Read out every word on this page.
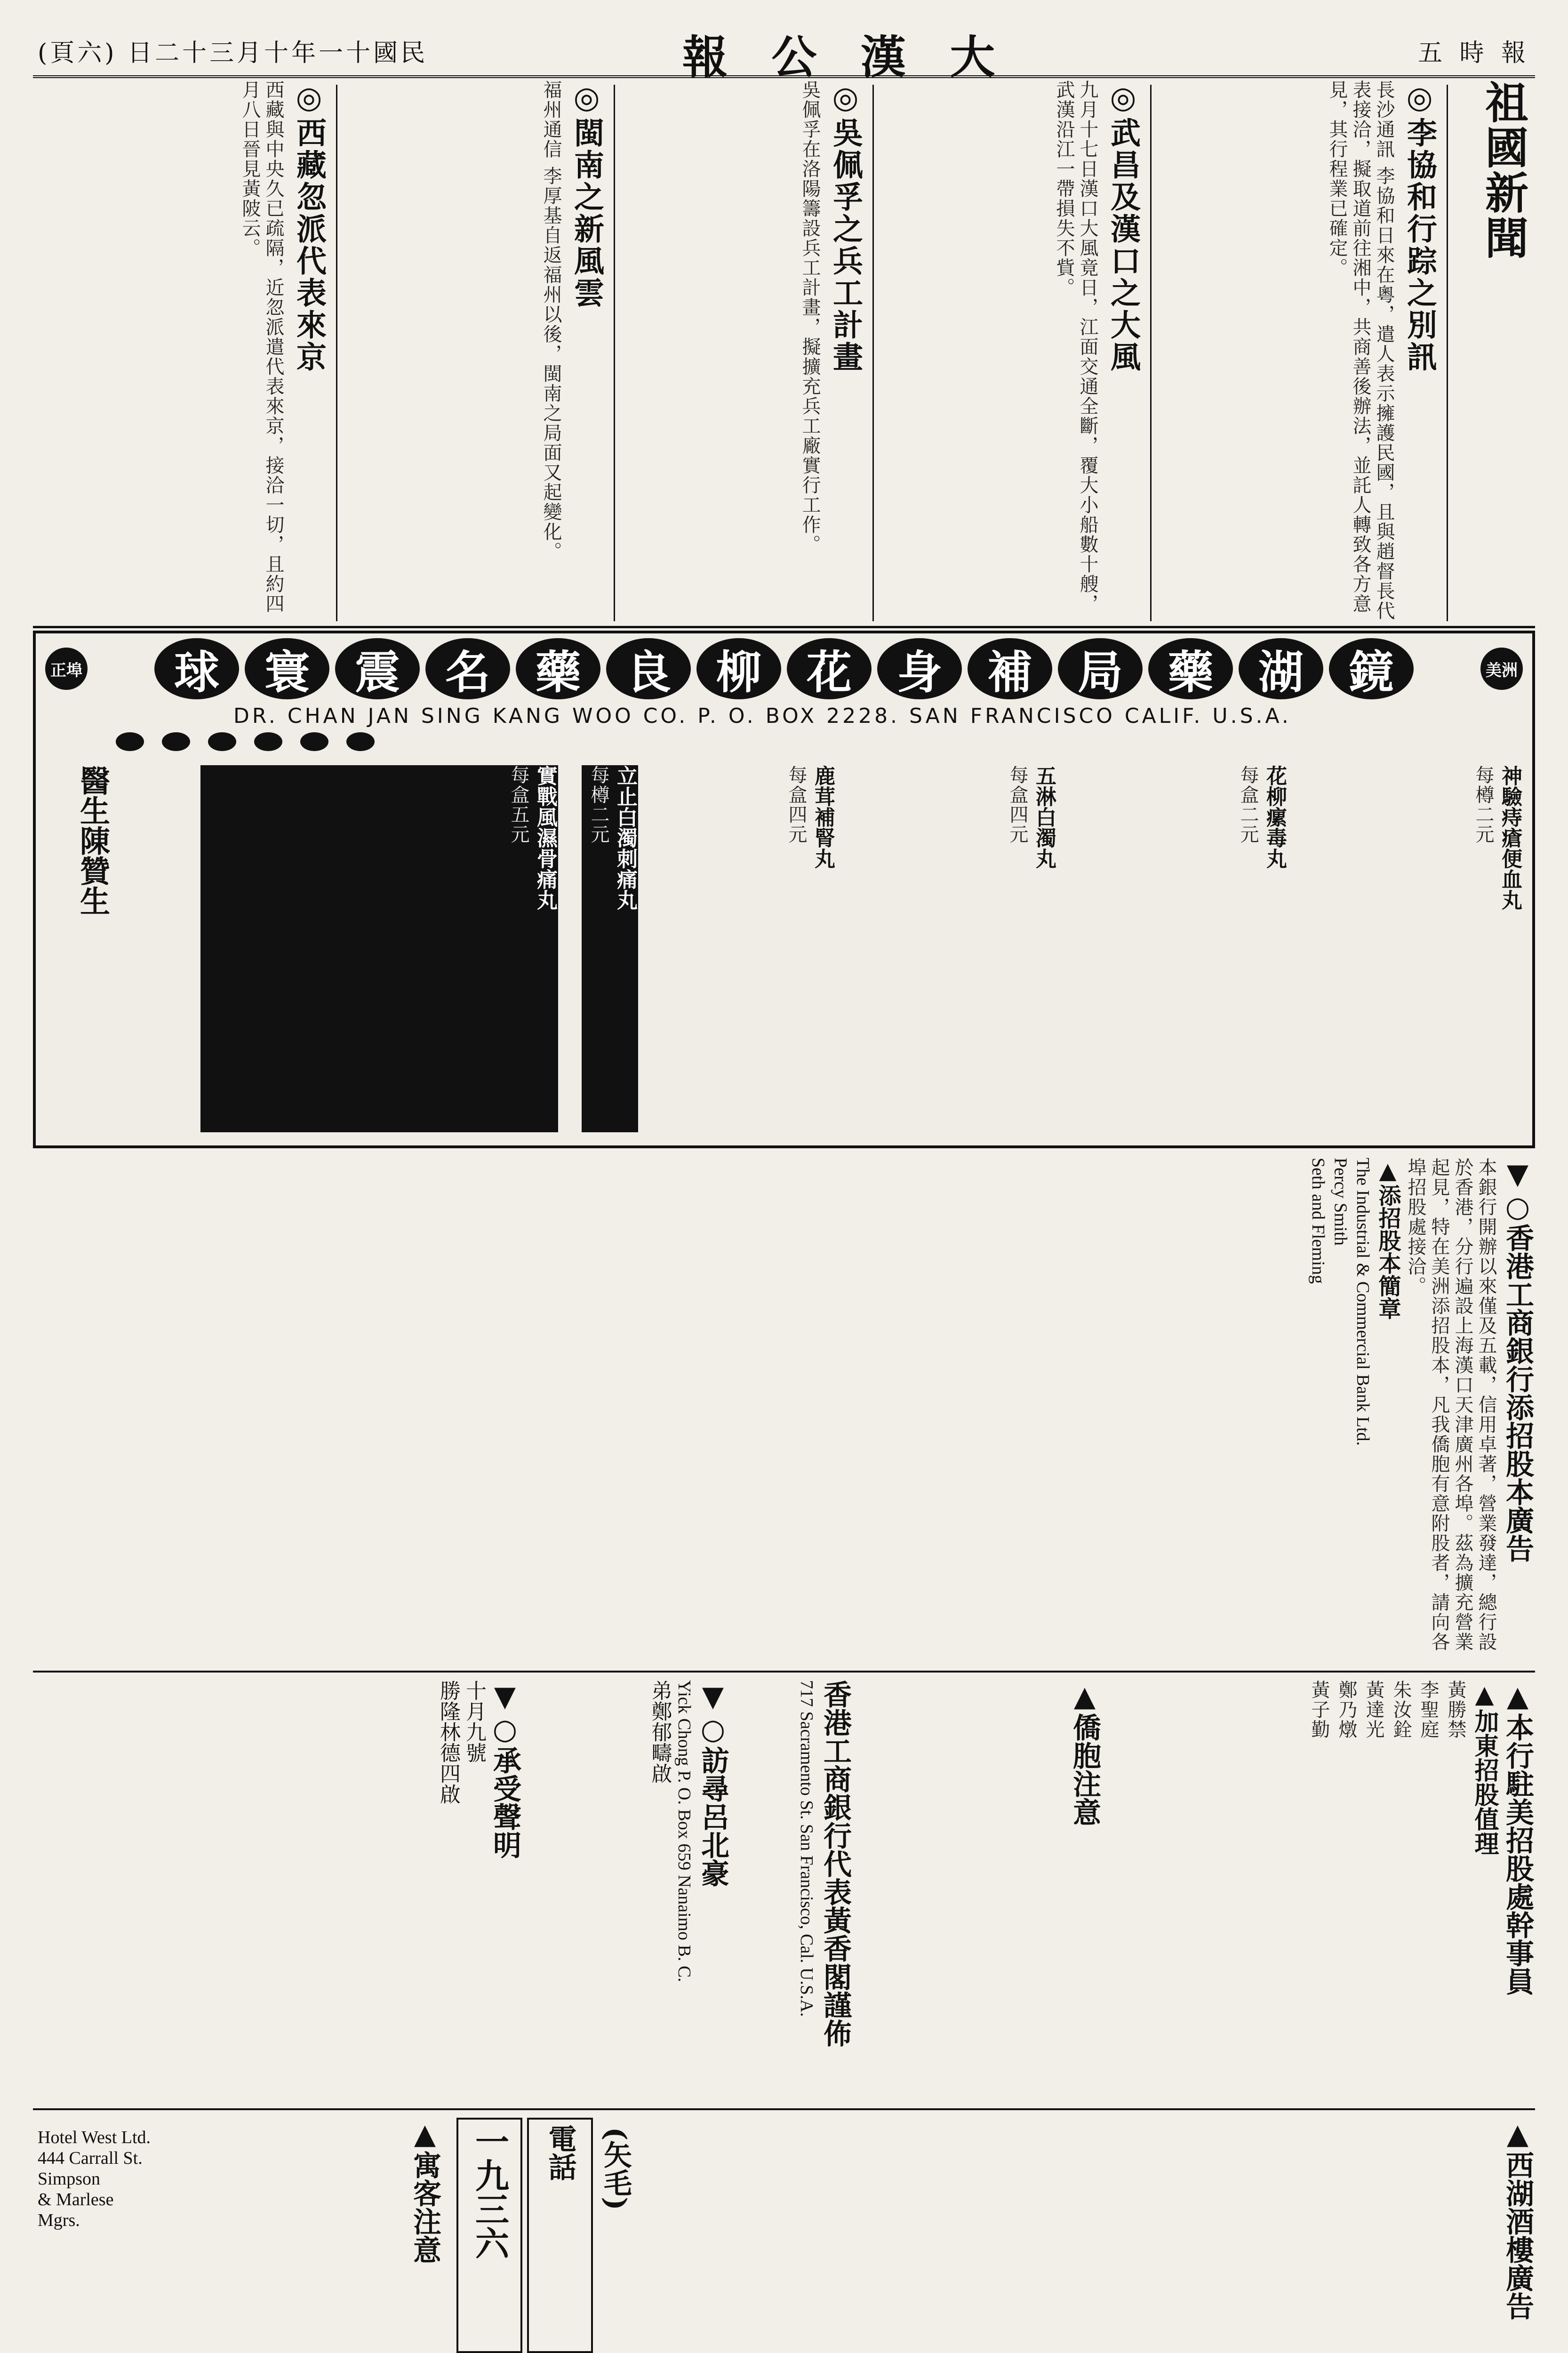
(頁六) 日二十三月十年一十國民	報 公 漢 大	五 時 報
祖國新聞
◎李協和行踪之別訊
長沙通訊 李協和日來在粵，遣人表示擁護民國，且與趙督長代表接洽，擬取道前往湘中，共商善後辦法，並託人轉致各方意見，其行程業已確定。
◎武昌及漢口之大風
九月十七日漢口大風竟日，江面交通全斷，覆大小船數十艘，武漢沿江一帶損失不貲。
◎吳佩孚之兵工計畫
吳佩孚在洛陽籌設兵工計畫，擬擴充兵工廠實行工作。
◎閩南之新風雲
福州通信 李厚基自返福州以後，閩南之局面又起變化。
◎西藏忽派代表來京
西藏與中央久已疏隔，近忽派遣代表來京，接洽一切，且約四月八日晉見黃陂云。
美洲
正埠	鏡
湖
藥
局
補
身
花
柳
良
藥
名
震
寰
球
DR. CHAN JAN SING KANG WOO CO. P. O. BOX 2228. SAN FRANCISCO CALIF. U.S.A.
神驗痔瘡便血丸
每樽二元
花柳瘰毒丸
每盒二元
五淋白濁丸
每盒四元
鹿茸補腎丸
每盒四元
立止白濁刺痛丸
每樽二元
實戰風濕骨痛丸
每盒五元
醫生陳贊生
▼○香港工商銀行添招股本廣告
本銀行開辦以來僅及五載，信用卓著，營業發達，總行設於香港，分行遍設上海漢口天津廣州各埠。茲為擴充營業起見，特在美洲添招股本，凡我僑胞有意附股者，請向各埠招股處接洽。
▲添招股本簡章
The Industrial & Commercial Bank Ltd.
Percy Smith
Seth and Fleming
▲本行駐美招股處幹事員
▲加東招股值理
黃勝禁
李聖庭
朱汝銓
黃達光
鄭乃燉
黃子勤
▲僑胞注意
香港工商銀行代表黃香閣謹佈
717 Sacramento St. San Francisco, Cal. U.S.A.
▼○訪尋呂北豪
Yick Chong P. O. Box 659 Nanaimo B. C.
弟鄭郁疇啟
▼○承受聲明
十月九號
勝隆林德四啟
▲西湖酒樓廣告
電話
一九三六	(矢毛)
▲寓客注意
Hotel West Ltd.
444 Carrall St.
Simpson
& Marlese
Mgrs.
